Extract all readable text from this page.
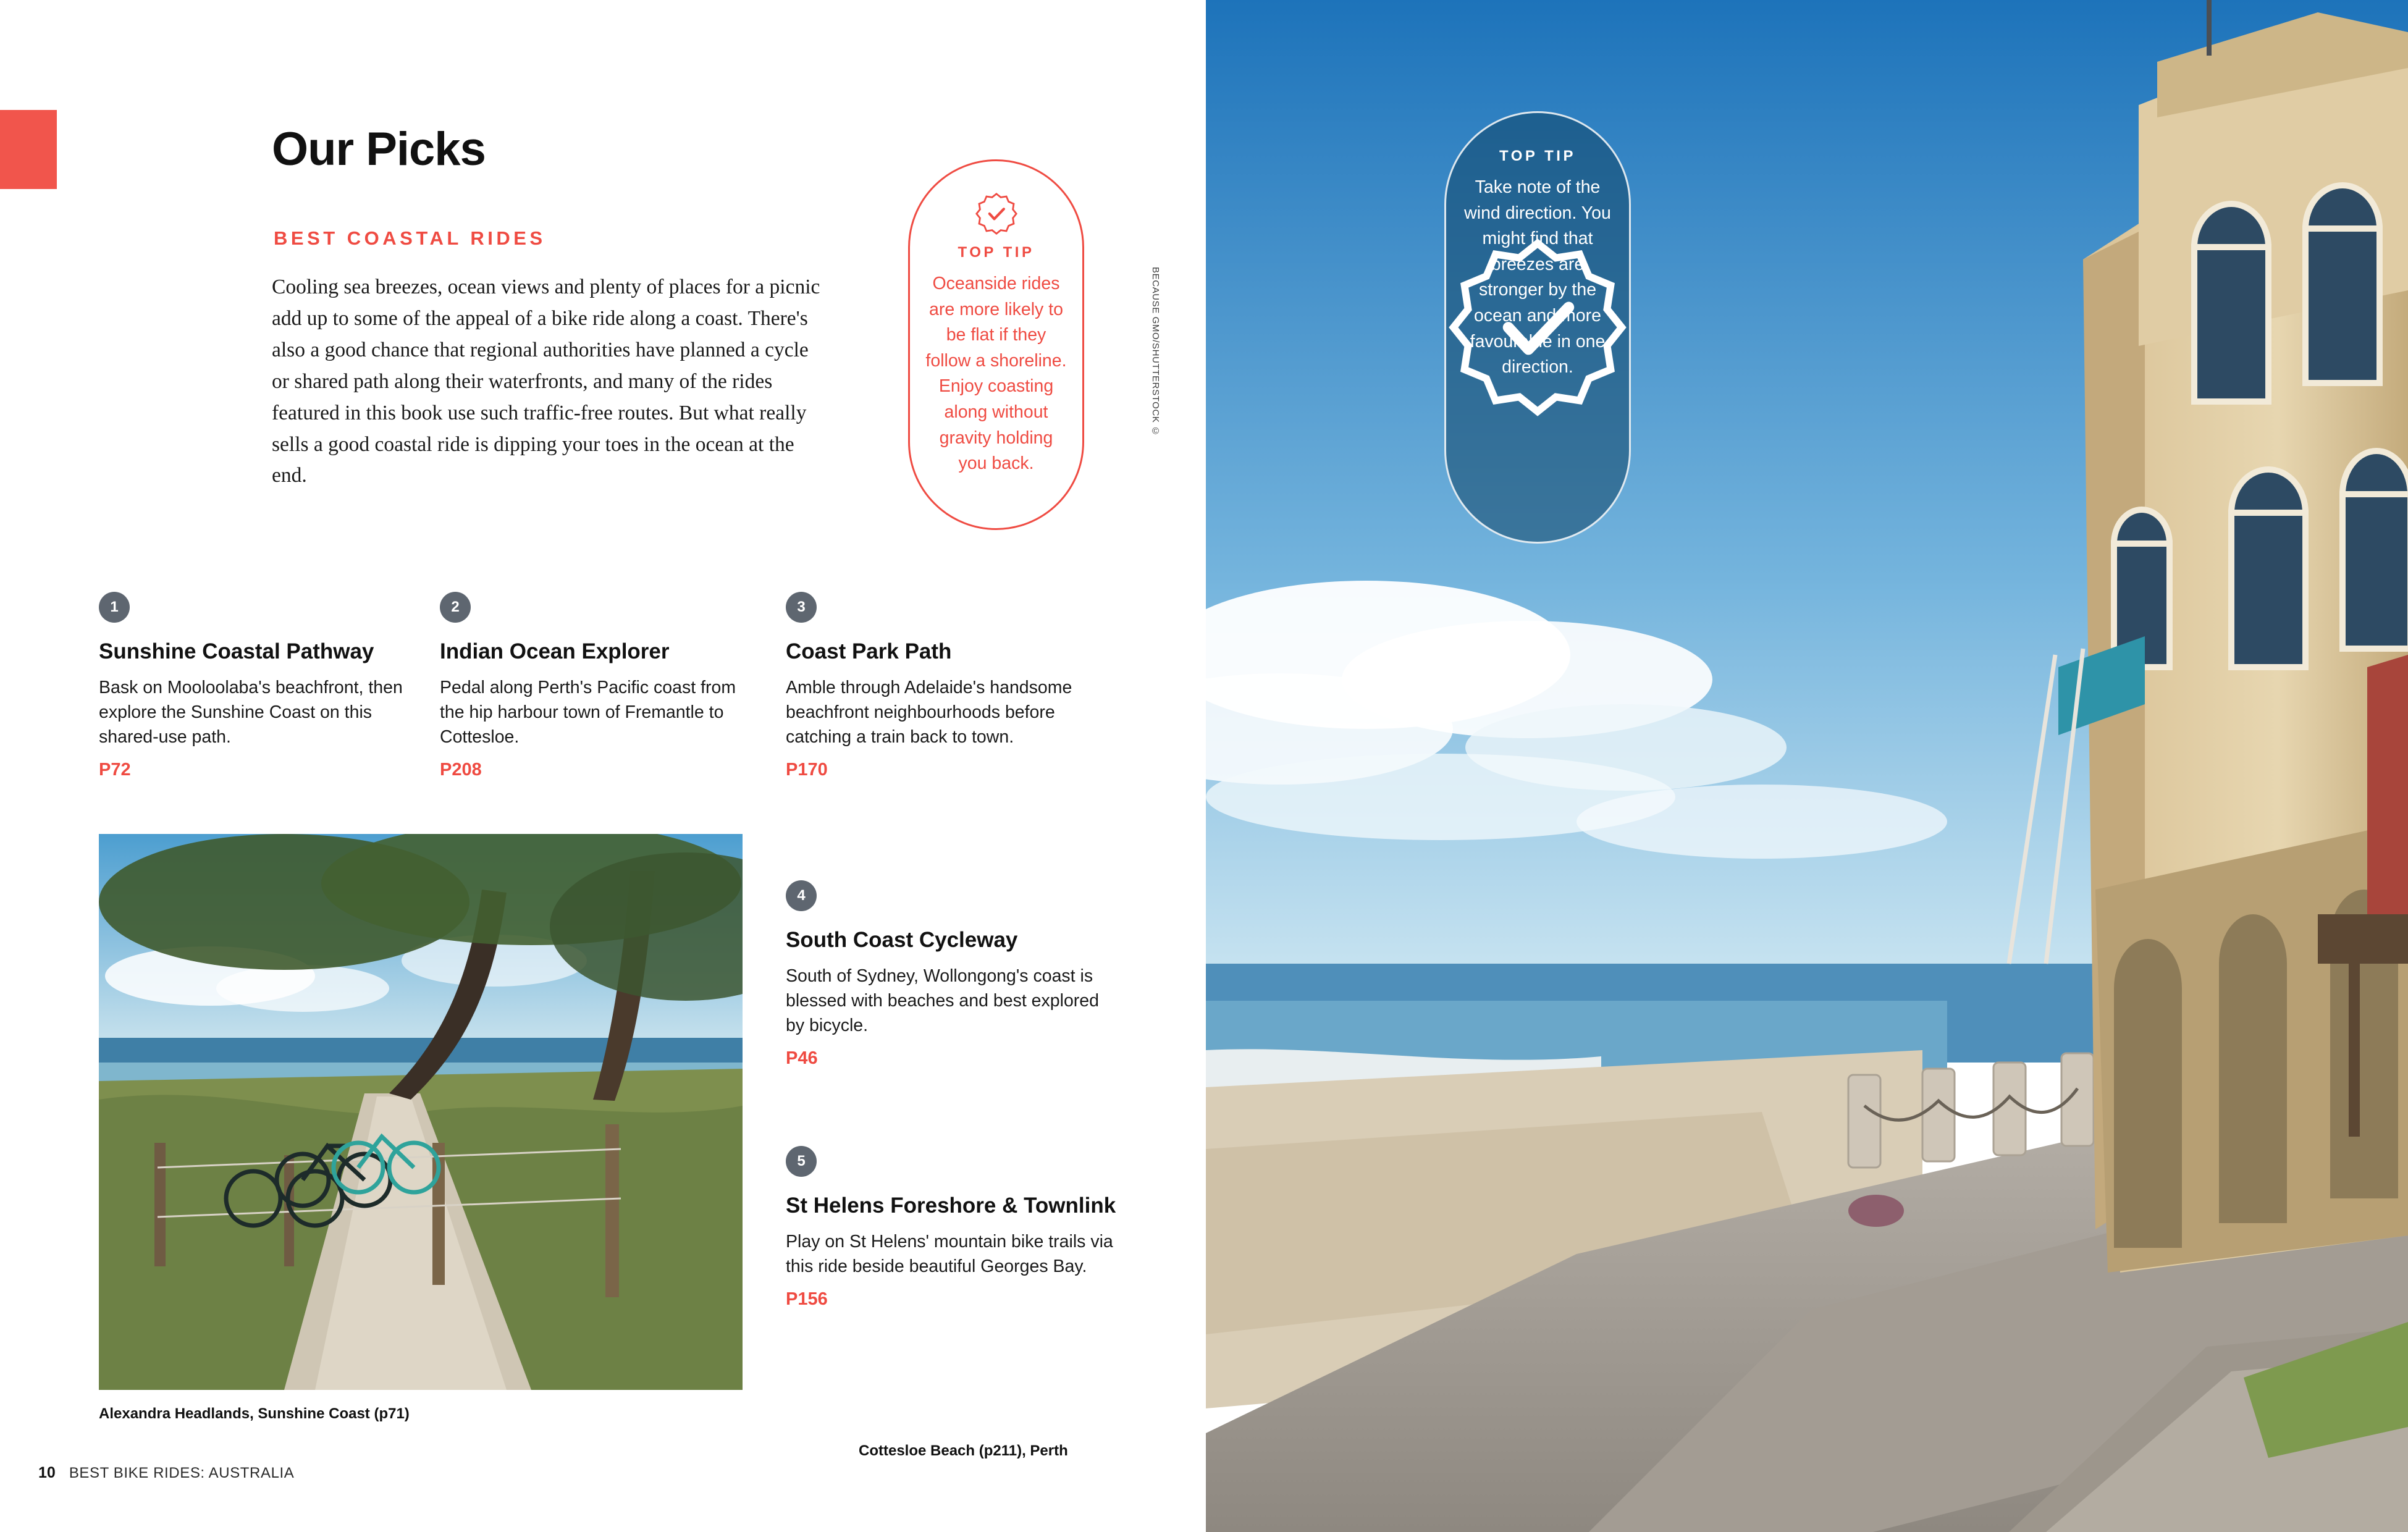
Our Picks
BEST COASTAL RIDES
Cooling sea breezes, ocean views and plenty of places for a picnic add up to some of the appeal of a bike ride along a coast. There's also a good chance that regional authorities have planned a cycle or shared path along their waterfronts, and many of the rides featured in this book use such traffic-free routes. But what really sells a good coastal ride is dipping your toes in the ocean at the end.
TOP TIP
Oceanside rides are more likely to be flat if they follow a shoreline. Enjoy coasting along without gravity holding you back.
BECAUSE GMO/SHUTTERSTOCK ©
1
Sunshine Coastal Pathway
Bask on Mooloolaba's beachfront, then explore the Sunshine Coast on this shared-use path.
P72
2
Indian Ocean Explorer
Pedal along Perth's Pacific coast from the hip harbour town of Fremantle to Cottesloe.
P208
3
Coast Park Path
Amble through Adelaide's handsome beachfront neighbourhoods before catching a train back to town.
P170
4
South Coast Cycleway
South of Sydney, Wollongong's coast is blessed with beaches and best explored by bicycle.
P46
5
St Helens Foreshore & Townlink
Play on St Helens' mountain bike trails via this ride beside beautiful Georges Bay.
P156
SAMUEL JACOB RESCURO/SHUTTERSTOCK ©
Alexandra Headlands, Sunshine Coast (p71)
Cottesloe Beach (p211), Perth
10 BEST BIKE RIDES: AUSTRALIA
TOP TIP
Take note of the wind direction. You might find that breezes are stronger by the ocean and more favourable in one direction.
